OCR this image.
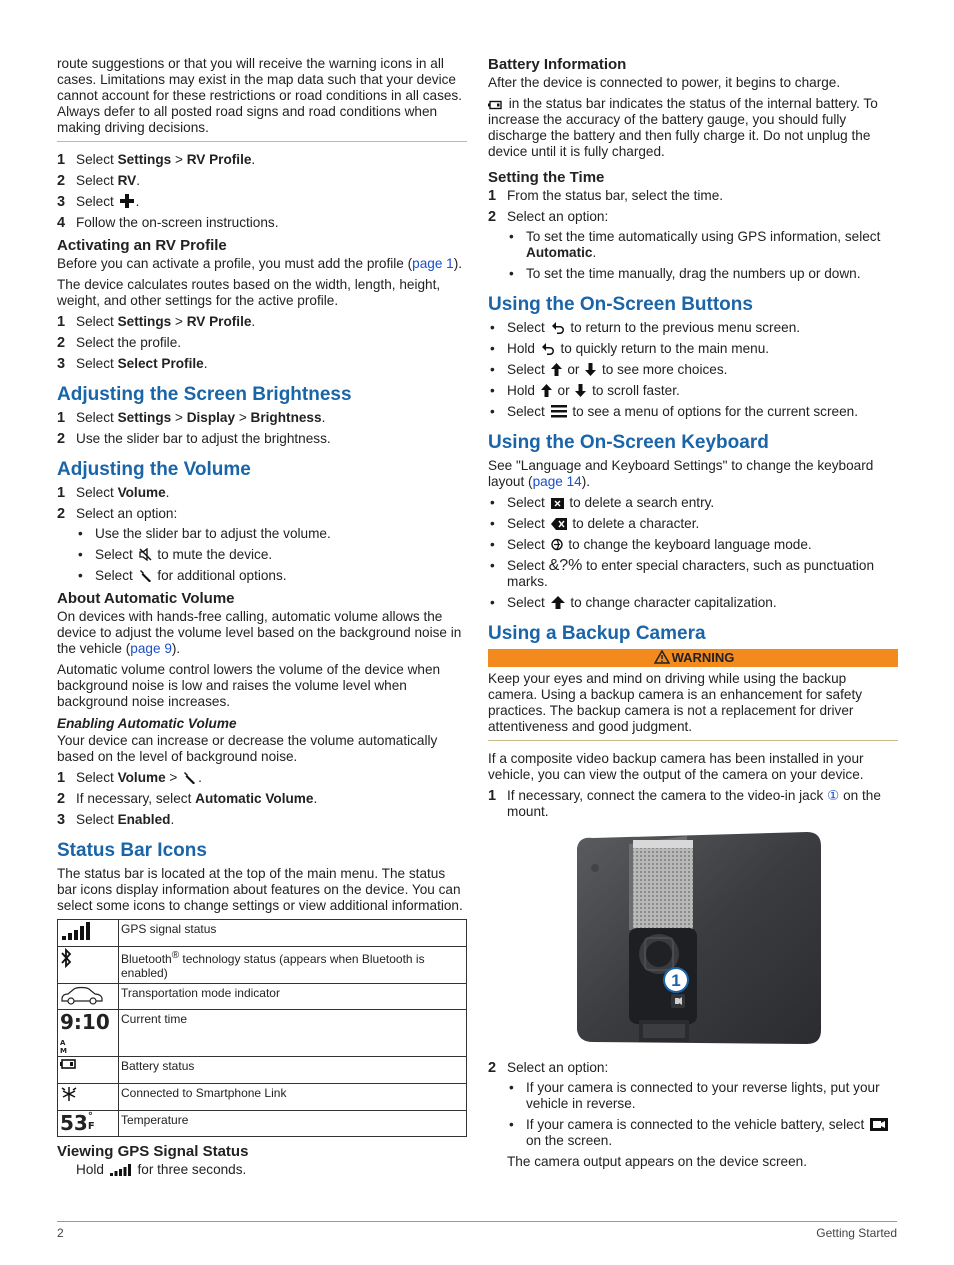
route suggestions or that you will receive the warning icons in all cases. Limitations may exist in the map data such that your device cannot account for these restrictions or road conditions in all cases. Always defer to all posted road signs and road conditions when making driving decisions.

1 Select Settings > RV Profile.
2 Select RV.
3 Select .
4 Follow the on-screen instructions.
Activating an RV Profile

Before you can activate a profile, you must add the profile (page 1).

The device calculates routes based on the width, length, height, weight, and other settings for the active profile.

1 Select Settings > RV Profile.
2 Select the profile.
3 Select Select Profile.
Adjusting the Screen Brightness
1 Select Settings > Display > Brightness.
2 Use the slider bar to adjust the brightness.
Adjusting the Volume
1 Select Volume.
2 Select an option:
• Use the slider bar to adjust the volume.
• Select  to mute the device.
• Select  for additional options.
About Automatic Volume

On devices with hands-free calling, automatic volume allows the device to adjust the volume level based on the background noise in the vehicle (page 9).

Automatic volume control lowers the volume of the device when background noise is low and raises the volume level when background noise increases.

Enabling Automatic Volume

Your device can increase or decrease the volume automatically based on the level of background noise.

1 Select Volume > .
2 If necessary, select Automatic Volume.
3 Select Enabled.
Status Bar Icons

The status bar is located at the top of the main menu. The status bar icons display information about features on the device. You can select some icons to change settings or view additional information.

	GPS signal status
	Bluetooth® technology status (appears when Bluetooth is enabled)
	Transportation mode indicator
9:10AM	Current time
	Battery status
	Connected to Smartphone Link
53°F	Temperature
Viewing GPS Signal Status

Hold  for three seconds.

Battery Information

After the device is connected to power, it begins to charge.

in the status bar indicates the status of the internal battery. To increase the accuracy of the battery gauge, you should fully discharge the battery and then fully charge it. Do not unplug the device until it is fully charged.

Setting the Time
1 From the status bar, select the time.
2 Select an option:
• To set the time automatically using GPS information, select Automatic.
• To set the time manually, drag the numbers up or down.
Using the On-Screen Buttons
• Select  to return to the previous menu screen.
• Hold  to quickly return to the main menu.
• Select  or  to see more choices.
• Hold  or  to scroll faster.
• Select  to see a menu of options for the current screen.
Using the On-Screen Keyboard

See "Language and Keyboard Settings" to change the keyboard layout (page 14).

• Select  to delete a search entry.
• Select  to delete a character.
• Select  to change the keyboard language mode.
• Select &?% to enter special characters, such as punctuation marks.
• Select  to change character capitalization.
Using a Backup Camera
WARNING

Keep your eyes and mind on driving while using the backup camera. Using a backup camera is an enhancement for safety practices. The backup camera is not a replacement for driver attentiveness and good judgment.

If a composite video backup camera has been installed in your vehicle, you can view the output of the camera on your device.

1 If necessary, connect the camera to the video-in jack ① on the mount.
1
2 Select an option:
• If your camera is connected to your reverse lights, put your vehicle in reverse.
• If your camera is connected to the vehicle battery, select  on the screen.

The camera output appears on the device screen.

2	Getting Started
